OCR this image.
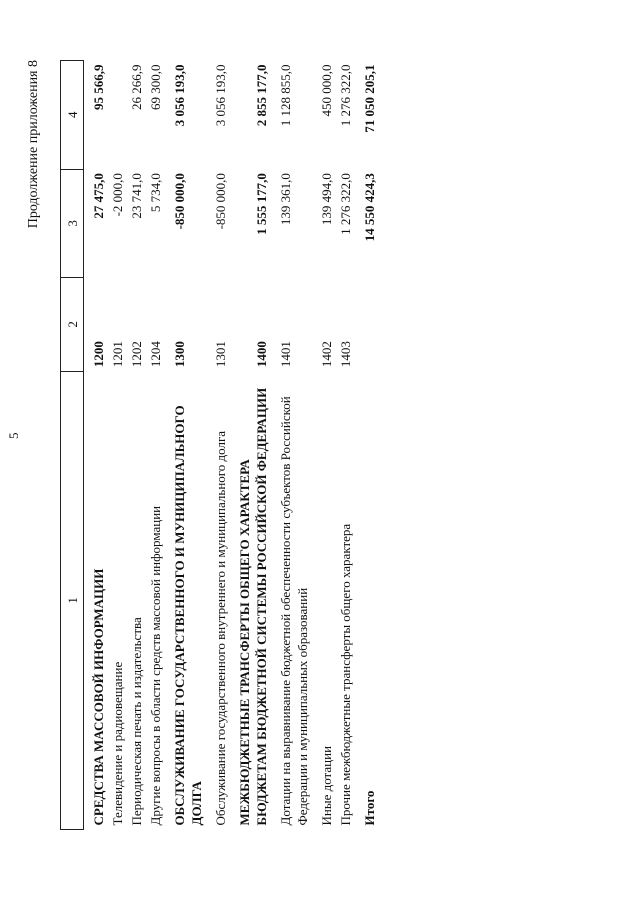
5
Продолжение приложения 8
1	2	3	4
СРЕДСТВА МАССОВОЙ ИНФОРМАЦИИ	1200	27 475,0	95 566,9
Телевидение и радиовещание	1201	-2 000,0	
Периодическая печать и издательства	1202	23 741,0	26 266,9
Другие вопросы в области средств массовой информации	1204	5 734,0	69 300,0
ОБСЛУЖИВАНИЕ ГОСУДАРСТВЕННОГО И МУНИЦИПАЛЬНОГО ДОЛГА	1300	-850 000,0	3 056 193,0
Обслуживание государственного внутреннего и муниципального долга	1301	-850 000,0	3 056 193,0
МЕЖБЮДЖЕТНЫЕ ТРАНСФЕРТЫ ОБЩЕГО ХАРАКТЕРА БЮДЖЕТАМ БЮДЖЕТНОЙ СИСТЕМЫ РОССИЙСКОЙ ФЕДЕРАЦИИ	1400	1 555 177,0	2 855 177,0
Дотации на выравнивание бюджетной обеспеченности субъектов Российской Федерации и муниципальных образований	1401	139 361,0	1 128 855,0
Иные дотации	1402	139 494,0	450 000,0
Прочие межбюджетные трансферты общего характера	1403	1 276 322,0	1 276 322,0
Итого		14 550 424,3	71 050 205,1
